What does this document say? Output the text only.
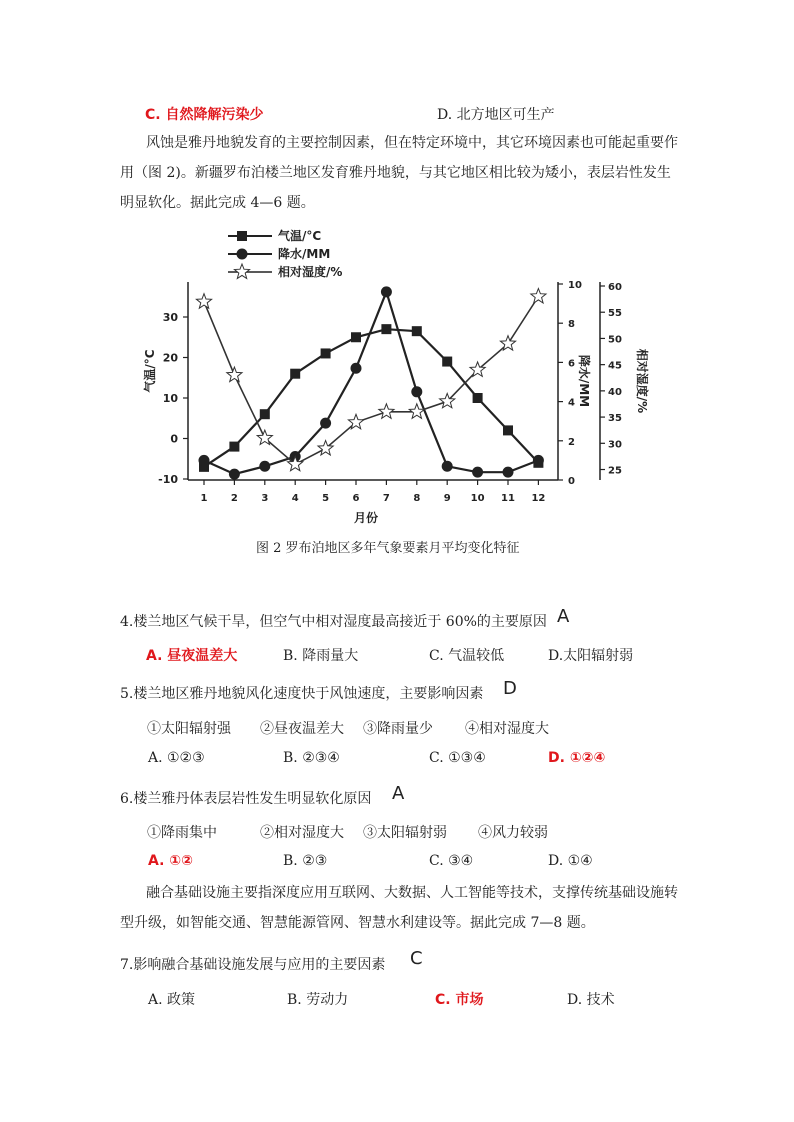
C. 自然降解污染少	D. 北方地区可生产
风蚀是雅丹地貌发育的主要控制因素，但在特定环境中，其它环境因素也可能起重要作
用（图 2)。新疆罗布泊楼兰地区发育雅丹地貌，与其它地区相比较为矮小，表层岩性发生
明显软化。据此完成 4—6 题。
气温/°C
降水/MM
相对湿度/%
30
20
10
0
-10
气温/°C
1 2 3 4 5 6 7 8 9 10 11 12
月份
10
8
6
4
2
0
降水/MM
60
55
50
45
40
35
30
25
相对湿度/%
图 2 罗布泊地区多年气象要素月平均变化特征
4.楼兰地区气候干旱，但空气中相对湿度最高接近于 60%的主要原因 A
A. 昼夜温差大	B. 降雨量大	C. 气温较低	D.太阳辐射弱
5.楼兰地区雅丹地貌风化速度快于风蚀速度，主要影响因素 D
①太阳辐射强 ②昼夜温差大 ③降雨量少 ④相对湿度大
A. ①②③	B. ②③④	C. ①③④	D. ①②④
6.楼兰雅丹体表层岩性发生明显软化原因 A
①降雨集中	②相对湿度大 ③太阳辐射弱 ④风力较弱
A. ①②	B. ②③	C. ③④	D. ①④
融合基础设施主要指深度应用互联网、大数据、人工智能等技术，支撑传统基础设施转
型升级，如智能交通、智慧能源管网、智慧水利建设等。据此完成 7—8 题。
7.影响融合基础设施发展与应用的主要因素 C
A. 政策	B. 劳动力	C. 市场	D. 技术
